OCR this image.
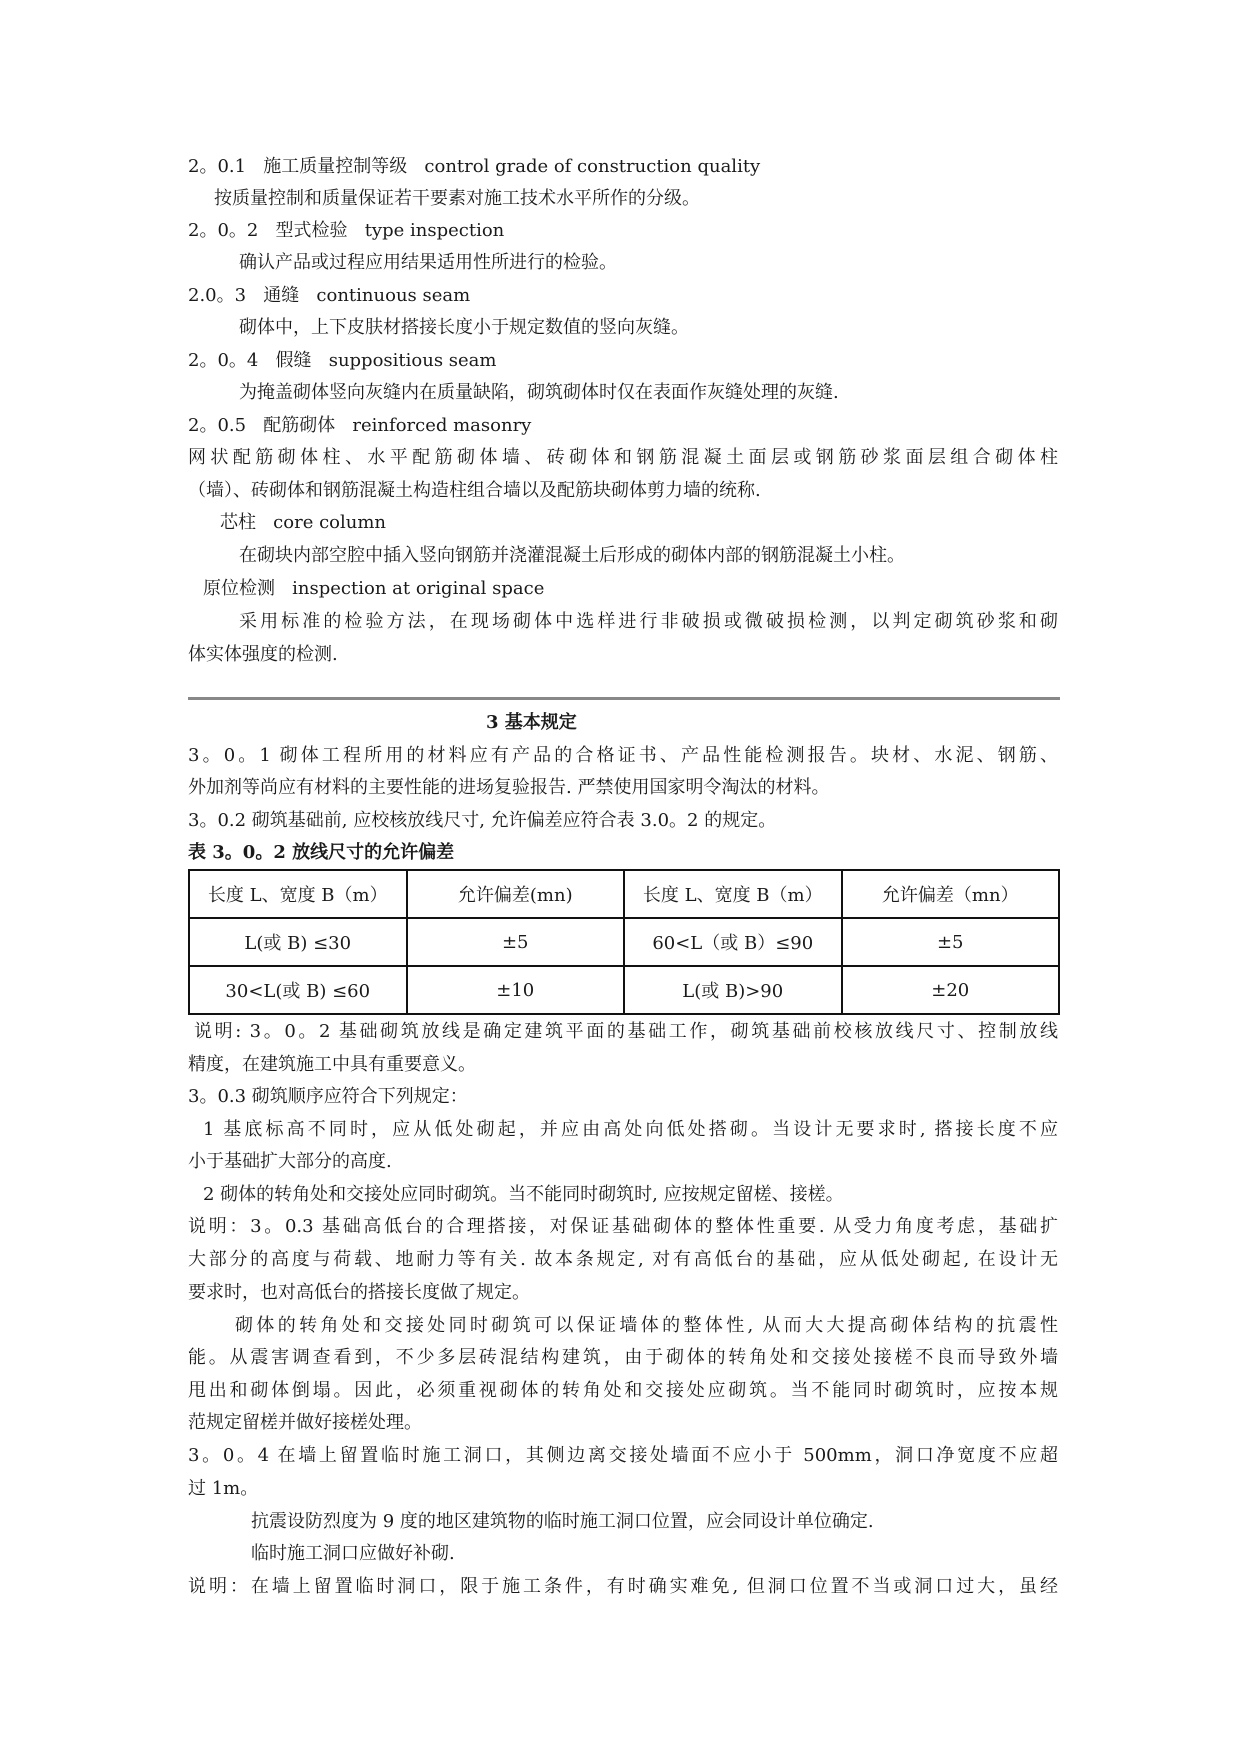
2。0.1 施工质量控制等级 control grade of construction quality
按质量控制和质量保证若干要素对施工技术水平所作的分级。
2。0。2 型式检验 type inspection
确认产品或过程应用结果适用性所进行的检验。
2.0。3 通缝 continuous seam
砌体中，上下皮肤材搭接长度小于规定数值的竖向灰缝。
2。0。4 假缝 suppositious seam
为掩盖砌体竖向灰缝内在质量缺陷，砌筑砌体时仅在表面作灰缝处理的灰缝.
2。0.5 配筋砌体 reinforced masonry
网状配筋砌体柱、水平配筋砌体墙、砖砌体和钢筋混凝土面层或钢筋砂浆面层组合砌体柱
（墙）、砖砌体和钢筋混凝土构造柱组合墙以及配筋块砌体剪力墙的统称.
芯柱 core column
在砌块内部空腔中插入竖向钢筋并浇灌混凝土后形成的砌体内部的钢筋混凝土小柱。
原位检测 inspection at original space
采用标准的检验方法，在现场砌体中选样进行非破损或微破损检测，以判定砌筑砂浆和砌
体实体强度的检测.
3 基本规定
3。0。1 砌体工程所用的材料应有产品的合格证书、产品性能检测报告。块材、水泥、钢筋、
外加剂等尚应有材料的主要性能的进场复验报告. 严禁使用国家明令淘汰的材料。
3。0.2 砌筑基础前, 应校核放线尺寸, 允许偏差应符合表 3.0。2 的规定。
表 3。0。2 放线尺寸的允许偏差
长度 L、宽度 B（m）	允许偏差(mn)	长度 L、宽度 B（m）	允许偏差（mn）
L(或 B) ≤30	±5	60<L（或 B）≤90	±5
30<L(或 B) ≤60	±10	L(或 B)>90	±20
说明: 3。0。2 基础砌筑放线是确定建筑平面的基础工作，砌筑基础前校核放线尺寸、控制放线
精度，在建筑施工中具有重要意义。
3。0.3 砌筑顺序应符合下列规定：
1 基底标高不同时，应从低处砌起，并应由高处向低处搭砌。当设计无要求时, 搭接长度不应
小于基础扩大部分的高度.
2 砌体的转角处和交接处应同时砌筑。当不能同时砌筑时, 应按规定留槎、接槎。
说明：3。0.3 基础高低台的合理搭接，对保证基础砌体的整体性重要. 从受力角度考虑，基础扩
大部分的高度与荷载、地耐力等有关. 故本条规定, 对有高低台的基础，应从低处砌起, 在设计无
要求时，也对高低台的搭接长度做了规定。
砌体的转角处和交接处同时砌筑可以保证墙体的整体性, 从而大大提高砌体结构的抗震性
能。从震害调查看到，不少多层砖混结构建筑，由于砌体的转角处和交接处接槎不良而导致外墙
甩出和砌体倒塌。因此，必须重视砌体的转角处和交接处应砌筑。当不能同时砌筑时，应按本规
范规定留槎并做好接槎处理。
3。0。4 在墙上留置临时施工洞口，其侧边离交接处墙面不应小于 500mm，洞口净宽度不应超
过 1m。
抗震设防烈度为 9 度的地区建筑物的临时施工洞口位置，应会同设计单位确定.
临时施工洞口应做好补砌.
说明：在墙上留置临时洞口，限于施工条件，有时确实难免, 但洞口位置不当或洞口过大，虽经
